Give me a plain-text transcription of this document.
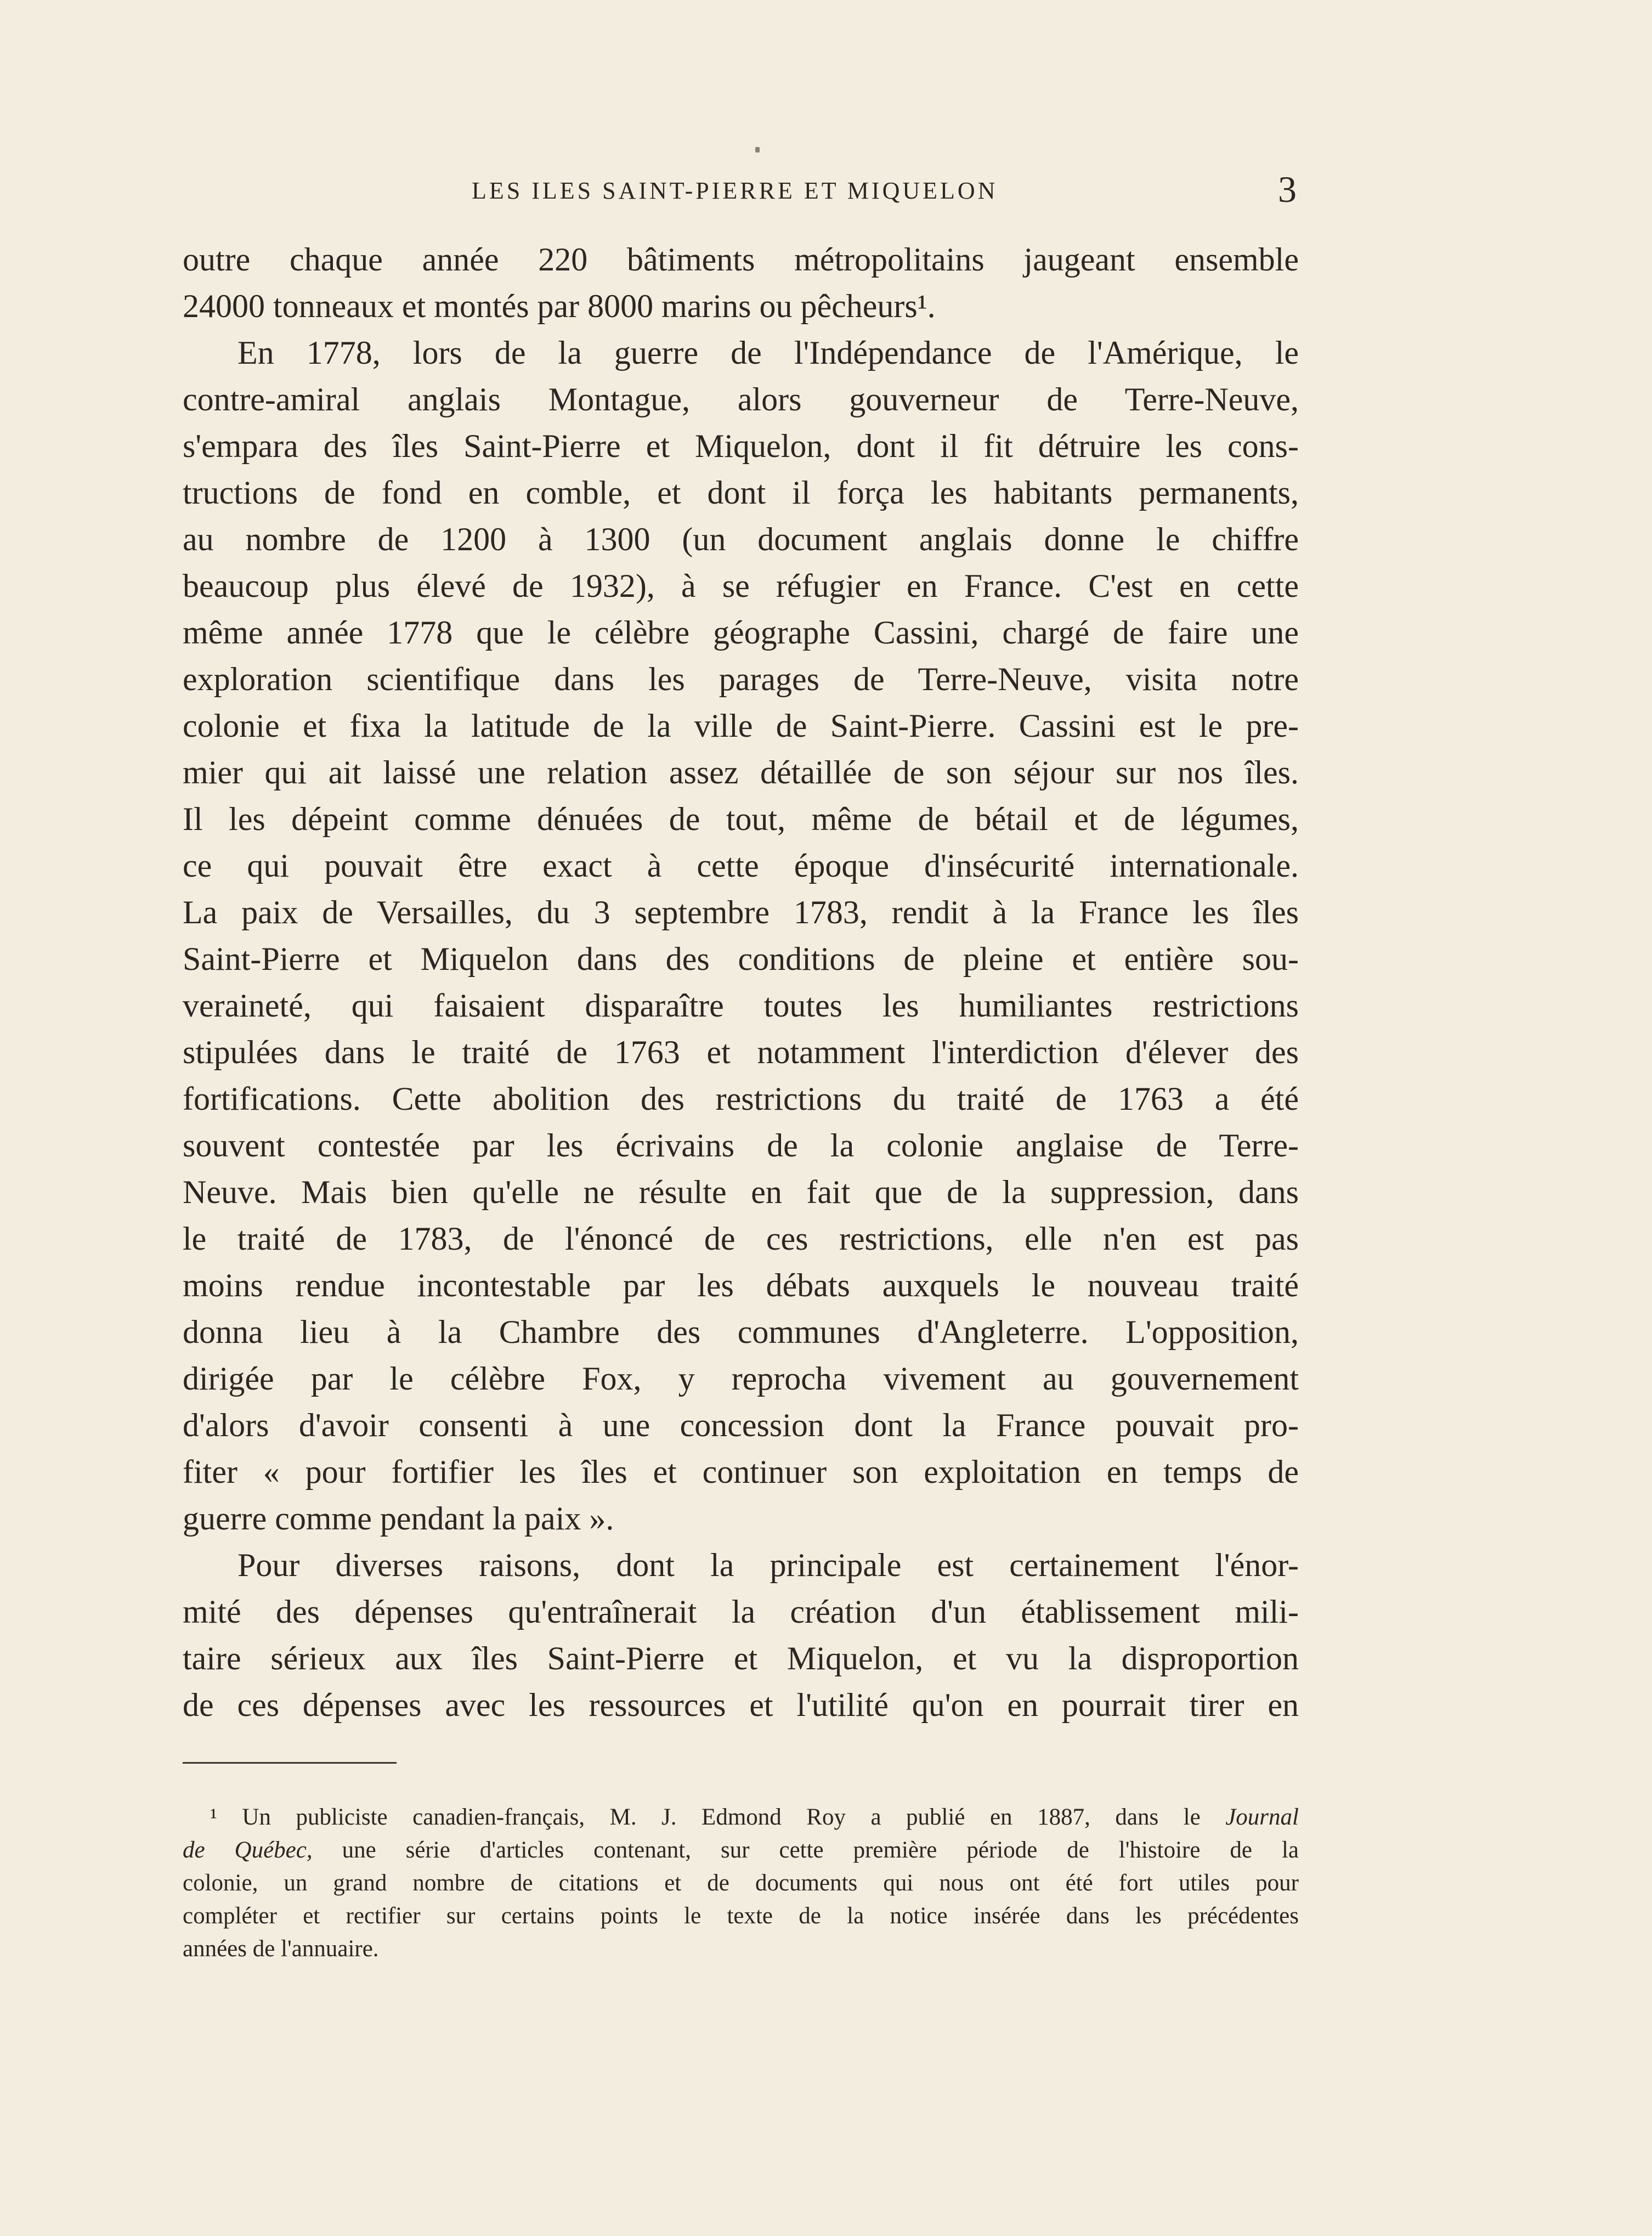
LES ILES SAINT-PIERRE ET MIQUELON	3
outre chaque année 220 bâtiments métropolitains jaugeant ensemble
24000 tonneaux et montés par 8000 marins ou pêcheurs¹.
En 1778, lors de la guerre de l'Indépendance de l'Amérique, le
contre-amiral anglais Montague, alors gouverneur de Terre-Neuve,
s'empara des îles Saint-Pierre et Miquelon, dont il fit détruire les cons-
tructions de fond en comble, et dont il força les habitants permanents,
au nombre de 1200 à 1300 (un document anglais donne le chiffre
beaucoup plus élevé de 1932), à se réfugier en France. C'est en cette
même année 1778 que le célèbre géographe Cassini, chargé de faire une
exploration scientifique dans les parages de Terre-Neuve, visita notre
colonie et fixa la latitude de la ville de Saint-Pierre. Cassini est le pre-
mier qui ait laissé une relation assez détaillée de son séjour sur nos îles.
Il les dépeint comme dénuées de tout, même de bétail et de légumes,
ce qui pouvait être exact à cette époque d'insécurité internationale.
La paix de Versailles, du 3 septembre 1783, rendit à la France les îles
Saint-Pierre et Miquelon dans des conditions de pleine et entière sou-
veraineté, qui faisaient disparaître toutes les humiliantes restrictions
stipulées dans le traité de 1763 et notamment l'interdiction d'élever des
fortifications. Cette abolition des restrictions du traité de 1763 a été
souvent contestée par les écrivains de la colonie anglaise de Terre-
Neuve. Mais bien qu'elle ne résulte en fait que de la suppression, dans
le traité de 1783, de l'énoncé de ces restrictions, elle n'en est pas
moins rendue incontestable par les débats auxquels le nouveau traité
donna lieu à la Chambre des communes d'Angleterre. L'opposition,
dirigée par le célèbre Fox, y reprocha vivement au gouvernement
d'alors d'avoir consenti à une concession dont la France pouvait pro-
fiter « pour fortifier les îles et continuer son exploitation en temps de
guerre comme pendant la paix ».
Pour diverses raisons, dont la principale est certainement l'énor-
mité des dépenses qu'entraînerait la création d'un établissement mili-
taire sérieux aux îles Saint-Pierre et Miquelon, et vu la disproportion
de ces dépenses avec les ressources et l'utilité qu'on en pourrait tirer en
¹ Un publiciste canadien-français, M. J. Edmond Roy a publié en 1887, dans le Journal
de Québec, une série d'articles contenant, sur cette première période de l'histoire de la
colonie, un grand nombre de citations et de documents qui nous ont été fort utiles pour
compléter et rectifier sur certains points le texte de la notice insérée dans les précédentes
années de l'annuaire.
